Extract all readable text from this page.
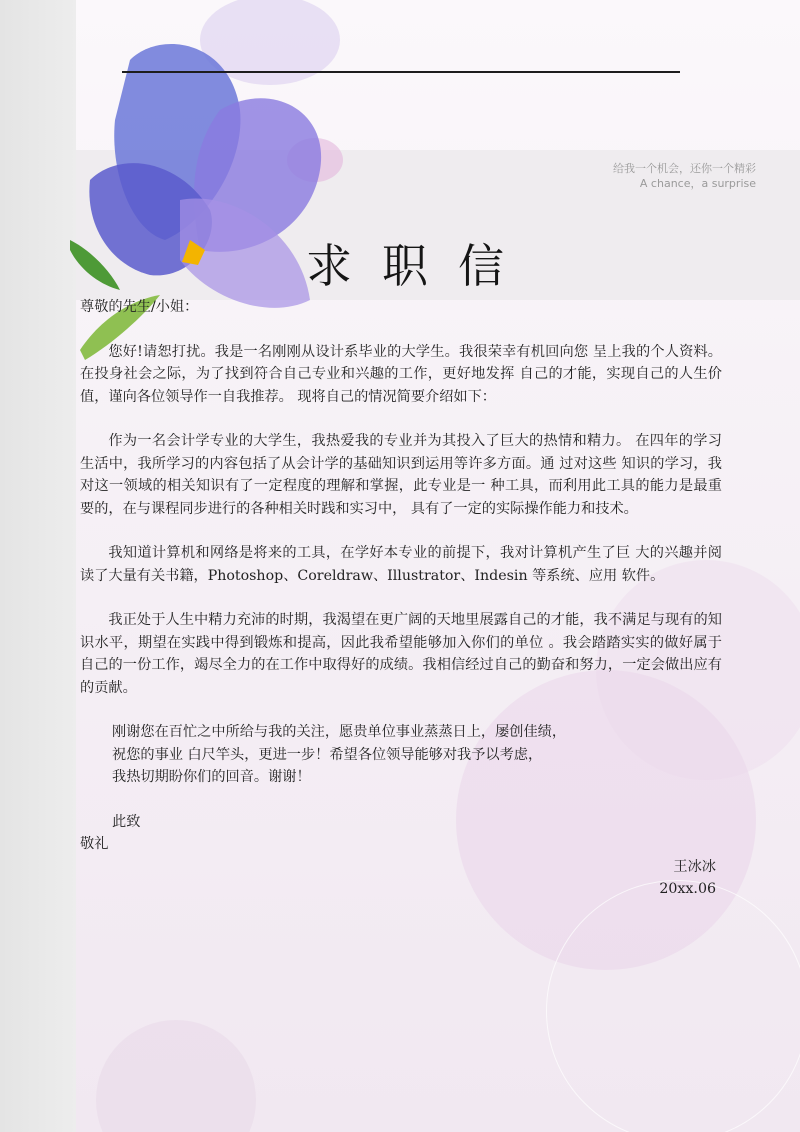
给我一个机会，还你一个精彩
A chance，a surprise
求职信

尊敬的先生/小姐：

您好!请恕打扰。我是一名刚刚从设计系毕业的大学生。我很荣幸有机回向您 呈上我的个人资料。在投身社会之际，为了找到符合自己专业和兴趣的工作，更好地发挥 自己的才能，实现自己的人生价值，谨向各位领导作一自我推荐。 现将自己的情况简要介绍如下：

作为一名会计学专业的大学生，我热爱我的专业并为其投入了巨大的热情和精力。 在四年的学习生活中，我所学习的内容包括了从会计学的基础知识到运用等许多方面。通 过对这些 知识的学习，我对这一领域的相关知识有了一定程度的理解和掌握，此专业是一 种工具，而利用此工具的能力是最重要的，在与课程同步进行的各种相关时践和实习中， 具有了一定的实际操作能力和技术。

我知道计算机和网络是将来的工具，在学好本专业的前提下，我对计算机产生了巨 大的兴趣并阅读了大量有关书籍，Photoshop、Coreldraw、Illustrator、Indesin 等系统、应用 软件。

我正处于人生中精力充沛的时期，我渴望在更广阔的天地里展露自己的才能，我不满足与现有的知识水平，期望在实践中得到锻炼和提高，因此我希望能够加入你们的单位 。我会踏踏实实的做好属于自己的一份工作，竭尽全力的在工作中取得好的成绩。我相信经过自己的勤奋和努力，一定会做出应有的贡献。

刚谢您在百忙之中所给与我的关注，愿贵单位事业蒸蒸日上，屡创佳绩，

祝您的事业 白尺竿头，更进一步！希望各位领导能够对我予以考虑，

我热切期盼你们的回音。谢谢！

此致

敬礼

王冰冰

20xx.06
